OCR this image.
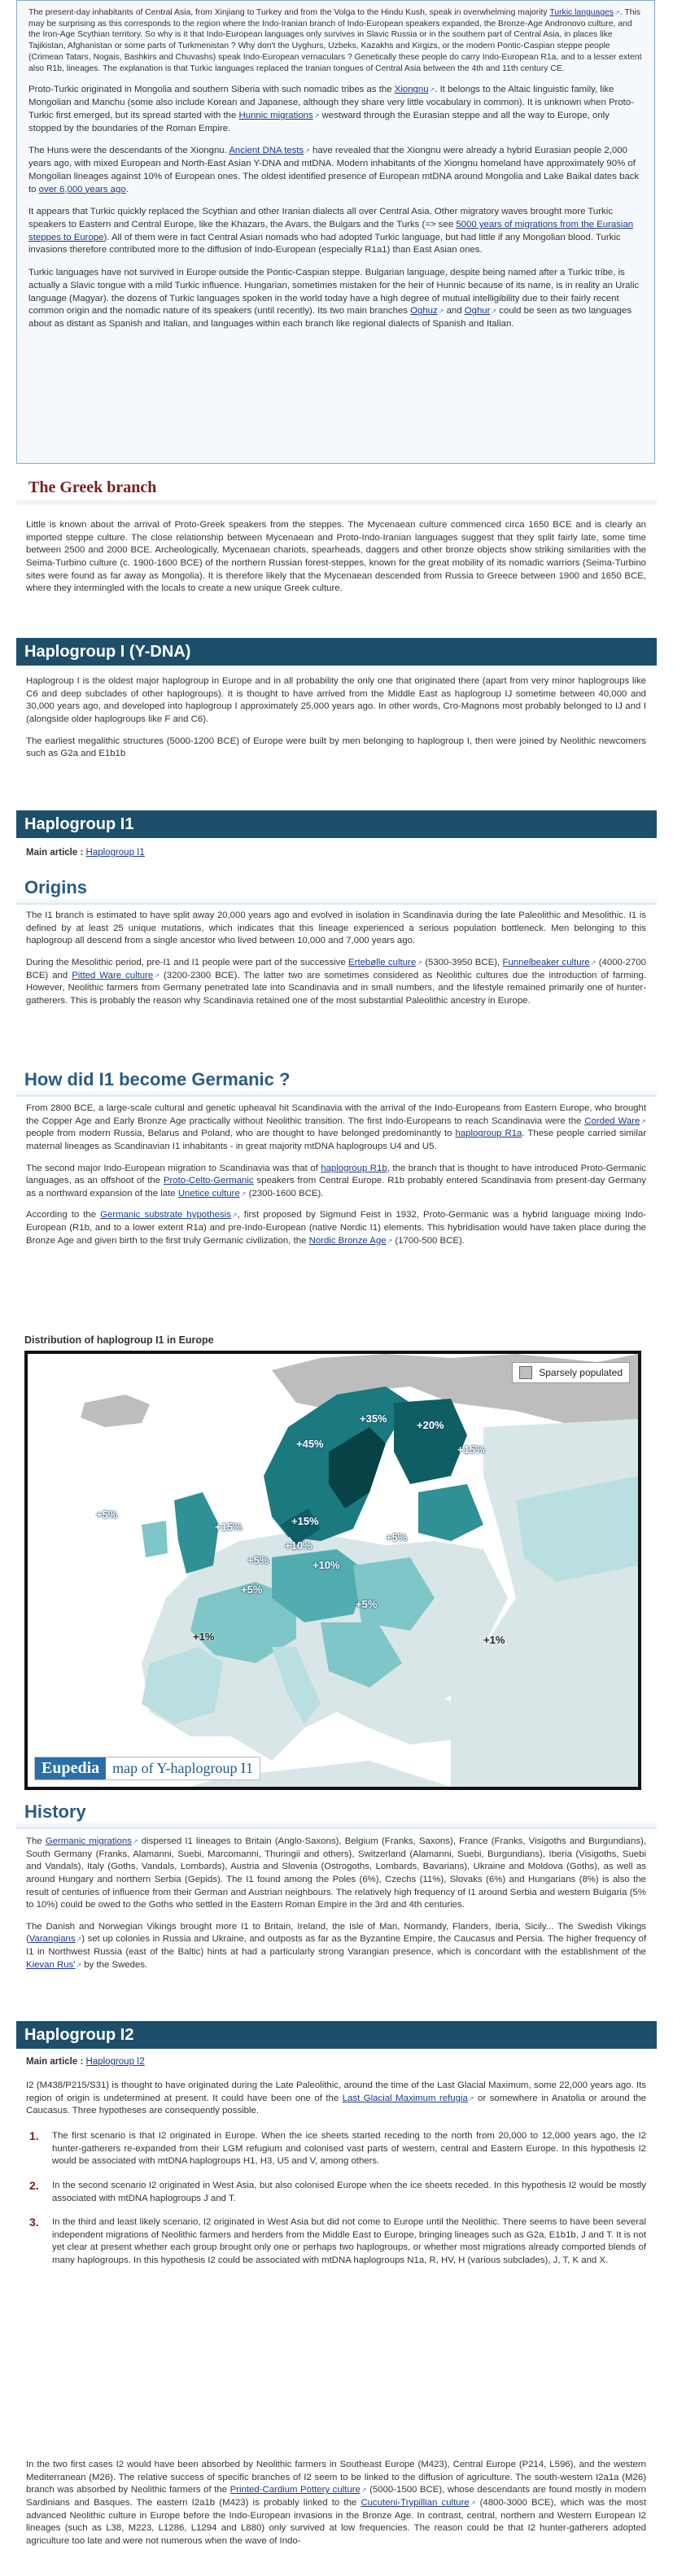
The present-day inhabitants of Central Asia, from Xinjiang to Turkey and from the Volga to the Hindu Kush, speak in overwhelming majority Turkic languages ↗ . This may be surprising as this corresponds to the region where the Indo-Iranian branch of Indo-European speakers expanded, the Bronze-Age Andronovo culture, and the Iron-Age Scythian territory. So why is it that Indo-European languages only survives in Slavic Russia or in the southern part of Central Asia, in places like Tajikistan, Afghanistan or some parts of Turkmenistan ? Why don't the Uyghurs, Uzbeks, Kazakhs and Kirgizs, or the modern Pontic-Caspian steppe people (Crimean Tatars, Nogais, Bashkirs and Chuvashs) speak Indo-European vernaculars ? Genetically these people do carry Indo-European R1a, and to a lesser extent also R1b, lineages. The explanation is that Turkic languages replaced the Iranian tongues of Central Asia between the 4th and 11th century CE.

Proto-Turkic originated in Mongolia and southern Siberia with such nomadic tribes as the Xiongnu ↗ . It belongs to the Altaic linguistic family, like Mongolian and Manchu (some also include Korean and Japanese, although they share very little vocabulary in common). It is unknown when Proto-Turkic first emerged, but its spread started with the Hunnic migrations ↗ westward through the Eurasian steppe and all the way to Europe, only stopped by the boundaries of the Roman Empire.

The Huns were the descendants of the Xiongnu. Ancient DNA tests ↗ have revealed that the Xiongnu were already a hybrid Eurasian people 2,000 years ago, with mixed European and North-East Asian Y-DNA and mtDNA. Modern inhabitants of the Xiongnu homeland have approximately 90% of Mongolian lineages against 10% of European ones. The oldest identified presence of European mtDNA around Mongolia and Lake Baikal dates back to over 6,000 years ago.

It appears that Turkic quickly replaced the Scythian and other Iranian dialects all over Central Asia. Other migratory waves brought more Turkic speakers to Eastern and Central Europe, like the Khazars, the Avars, the Bulgars and the Turks (=> see 5000 years of migrations from the Eurasian steppes to Europe). All of them were in fact Central Asian nomads who had adopted Turkic language, but had little if any Mongolian blood. Turkic invasions therefore contributed more to the diffusion of Indo-European (especially R1a1) than East Asian ones.

Turkic languages have not survived in Europe outside the Pontic-Caspian steppe. Bulgarian language, despite being named after a Turkic tribe, is actually a Slavic tongue with a mild Turkic influence. Hungarian, sometimes mistaken for the heir of Hunnic because of its name, is in reality an Uralic language (Magyar). the dozens of Turkic languages spoken in the world today have a high degree of mutual intelligibility due to their fairly recent common origin and the nomadic nature of its speakers (until recently). Its two main branches Oghuz ↗ and Oghur ↗ could be seen as two languages about as distant as Spanish and Italian, and languages within each branch like regional dialects of Spanish and Italian.

The Greek branch

Little is known about the arrival of Proto-Greek speakers from the steppes. The Mycenaean culture commenced circa 1650 BCE and is clearly an imported steppe culture. The close relationship between Mycenaean and Proto-Indo-Iranian languages suggest that they split fairly late, some time between 2500 and 2000 BCE. Archeologically, Mycenaean chariots, spearheads, daggers and other bronze objects show striking similarities with the Seima-Turbino culture (c. 1900-1600 BCE) of the northern Russian forest-steppes, known for the great mobility of its nomadic warriors (Seima-Turbino sites were found as far away as Mongolia). It is therefore likely that the Mycenaean descended from Russia to Greece between 1900 and 1650 BCE, where they intermingled with the locals to create a new unique Greek culture.

Haplogroup I (Y-DNA)

Haplogroup I is the oldest major haplogroup in Europe and in all probability the only one that originated there (apart from very minor haplogroups like C6 and deep subclades of other haplogroups). It is thought to have arrived from the Middle East as haplogroup IJ sometime between 40,000 and 30,000 years ago, and developed into haplogroup I approximately 25,000 years ago. In other words, Cro-Magnons most probably belonged to IJ and I (alongside older haplogroups like F and C6).

The earliest megalithic structures (5000-1200 BCE) of Europe were built by men belonging to haplogroup I, then were joined by Neolithic newcomers such as G2a and E1b1b

Haplogroup I1
Main article : Haplogroup I1
Origins

The I1 branch is estimated to have split away 20,000 years ago and evolved in isolation in Scandinavia during the late Paleolithic and Mesolithic. I1 is defined by at least 25 unique mutations, which indicates that this lineage experienced a serious population bottleneck. Men belonging to this haplogroup all descend from a single ancestor who lived between 10,000 and 7,000 years ago.

During the Mesolithic period, pre-I1 and I1 people were part of the successive Ertebølle culture ↗ (5300-3950 BCE), Funnelbeaker culture ↗ (4000-2700 BCE) and Pitted Ware culture ↗ (3200-2300 BCE). The latter two are sometimes considered as Neolithic cultures due the introduction of farming. However, Neolithic farmers from Germany penetrated late into Scandinavia and in small numbers, and the lifestyle remained primarily one of hunter-gatherers. This is probably the reason why Scandinavia retained one of the most substantial Paleolithic ancestry in Europe.

How did I1 become Germanic ?

From 2800 BCE, a large-scale cultural and genetic upheaval hit Scandinavia with the arrival of the Indo-Europeans from Eastern Europe, who brought the Copper Age and Early Bronze Age practically without Neolithic transition. The first Indo-Europeans to reach Scandinavia were the Corded Ware ↗ people from modern Russia, Belarus and Poland, who are thought to have belonged predominantly to haplogroup R1a. These people carried similar maternal lineages as Scandinavian I1 inhabitants - in great majority mtDNA haplogroups U4 and U5.

The second major Indo-European migration to Scandinavia was that of haplogroup R1b, the branch that is thought to have introduced Proto-Germanic languages, as an offshoot of the Proto-Celto-Germanic speakers from Central Europe. R1b probably entered Scandinavia from present-day Germany as a northward expansion of the late Unetice culture ↗ (2300-1600 BCE).

According to the Germanic substrate hypothesis ↗ , first proposed by Sigmund Feist in 1932, Proto-Germanic was a hybrid language mixing Indo-European (R1b, and to a lower extent R1a) and pre-Indo-European (native Nordic I1) elements. This hybridisation would have taken place during the Bronze Age and given birth to the first truly Germanic civilization, the Nordic Bronze Age ↗ (1700-500 BCE).

Distribution of haplogroup I1 in Europe
Sparsely populated
+35%
+45%
+20%
+15%
+15%	+15%
+5%
+10%
+5%
+5%
+10%
+5%
+5%
+1%	+1%
Eupedia map of Y-haplogroup I1
History

The Germanic migrations ↗ dispersed I1 lineages to Britain (Anglo-Saxons), Belgium (Franks, Saxons), France (Franks, Visigoths and Burgundians), South Germany (Franks, Alamanni, Suebi, Marcomanni, Thuringii and others), Switzerland (Alamanni, Suebi, Burgundians), Iberia (Visigoths, Suebi and Vandals), Italy (Goths, Vandals, Lombards), Austria and Slovenia (Ostrogoths, Lombards, Bavarians), Ukraine and Moldova (Goths), as well as around Hungary and northern Serbia (Gepids). The I1 found among the Poles (6%), Czechs (11%), Slovaks (6%) and Hungarians (8%) is also the result of centuries of influence from their German and Austrian neighbours. The relatively high frequency of I1 around Serbia and western Bulgaria (5% to 10%) could be owed to the Goths who settled in the Eastern Roman Empire in the 3rd and 4th centuries.

The Danish and Norwegian Vikings brought more I1 to Britain, Ireland, the Isle of Man, Normandy, Flanders, Iberia, Sicily... The Swedish Vikings (Varangians ↗ ) set up colonies in Russia and Ukraine, and outposts as far as the Byzantine Empire, the Caucasus and Persia. The higher frequency of I1 in Northwest Russia (east of the Baltic) hints at had a particularly strong Varangian presence, which is concordant with the establishment of the Kievan Rus' ↗ by the Swedes.

Haplogroup I2
Main article : Haplogroup I2

I2 (M438/P215/S31) is thought to have originated during the Late Paleolithic, around the time of the Last Glacial Maximum, some 22,000 years ago. Its region of origin is undetermined at present. It could have been one of the Last Glacial Maximum refugia ↗ or somewhere in Anatolia or around the Caucasus. Three hypotheses are consequently possible.

1. The first scenario is that I2 originated in Europe. When the ice sheets started receding to the north from 20,000 to 12,000 years ago, the I2 hunter-gatherers re-expanded from their LGM refugium and colonised vast parts of western, central and Eastern Europe. In this hypothesis I2 would be associated with mtDNA haplogroups H1, H3, U5 and V, among others.
2. In the second scenario I2 originated in West Asia, but also colonised Europe when the ice sheets receded. In this hypothesis I2 would be mostly associated with mtDNA haplogroups J and T.
3. In the third and least likely scenario, I2 originated in West Asia but did not come to Europe until the Neolithic. There seems to have been several independent migrations of Neolithic farmers and herders from the Middle East to Europe, bringing lineages such as G2a, E1b1b, J and T. It is not yet clear at present whether each group brought only one or perhaps two haplogroups, or whether most migrations already comported blends of many haplogroups. In this hypothesis I2 could be associated with mtDNA haplogroups N1a, R, HV, H (various subclades), J, T, K and X.

In the two first cases I2 would have been absorbed by Neolithic farmers in Southeast Europe (M423), Central Europe (P214, L596), and the western Mediterranean (M26). The relative success of specific branches of I2 seem to be linked to the diffusion of agriculture. The south-western I2a1a (M26) branch was absorbed by Neolithic farmers of the Printed-Cardium Pottery culture ↗ (5000-1500 BCE), whose descendants are found mostly in modern Sardinians and Basques. The eastern I2a1b (M423) is probably linked to the Cucuteni-Trypillian culture ↗ (4800-3000 BCE), which was the most advanced Neolithic culture in Europe before the Indo-European invasions in the Bronze Age. In contrast, central, northern and Western European I2 lineages (such as L38, M223, L1286, L1294 and L880) only survived at low frequencies. The reason could be that I2 hunter-gatherers adopted agriculture too late and were not numerous when the wave of Indo-
